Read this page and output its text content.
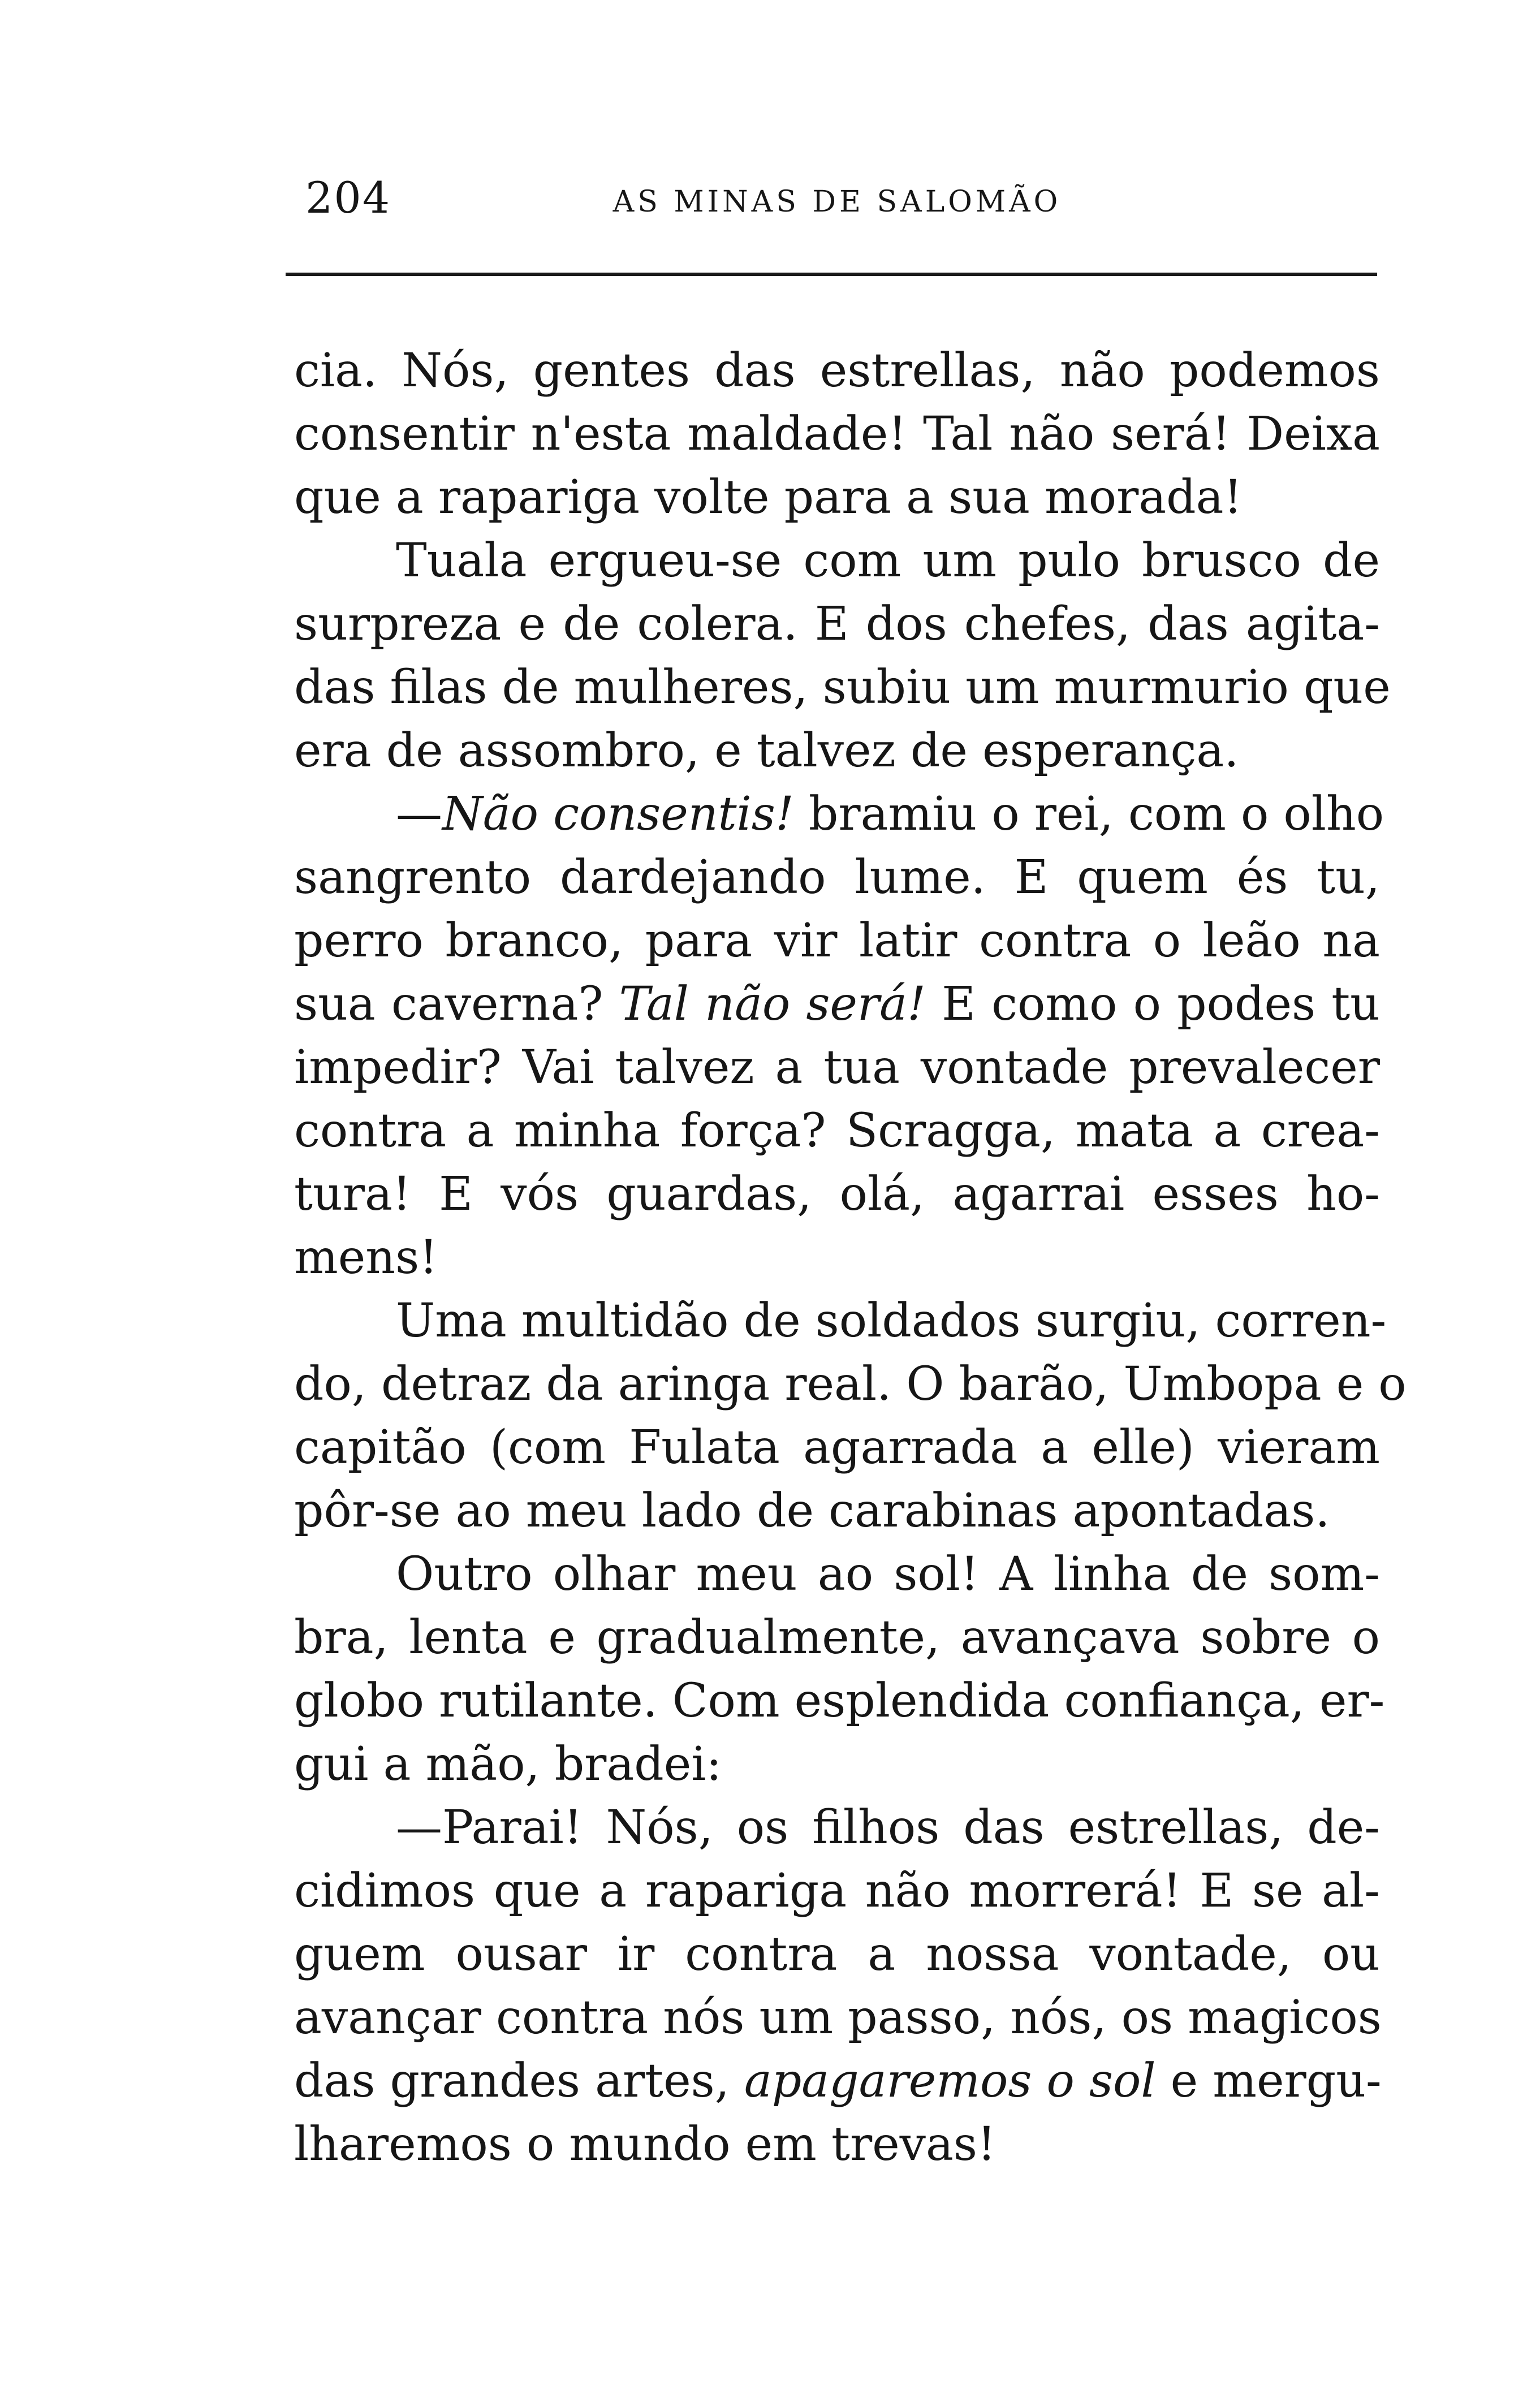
204	AS MINAS DE SALOMÃO
cia. Nós, gentes das estrellas, não podemos
consentir n'esta maldade! Tal não será! Deixa
que a rapariga volte para a sua morada!
Tuala ergueu-se com um pulo brusco de
surpreza e de colera. E dos chefes, das agita-
das filas de mulheres, subiu um murmurio que
era de assombro, e talvez de esperança.
—Não consentis! bramiu o rei, com o olho
sangrento dardejando lume. E quem és tu,
perro branco, para vir latir contra o leão na
sua caverna? Tal não será! E como o podes tu
impedir? Vai talvez a tua vontade prevalecer
contra a minha força? Scragga, mata a crea-
tura! E vós guardas, olá, agarrai esses ho-
mens!
Uma multidão de soldados surgiu, corren-
do, detraz da aringa real. O barão, Umbopa e o
capitão (com Fulata agarrada a elle) vieram
pôr-se ao meu lado de carabinas apontadas.
Outro olhar meu ao sol! A linha de som-
bra, lenta e gradualmente, avançava sobre o
globo rutilante. Com esplendida confiança, er-
gui a mão, bradei:
—Parai! Nós, os filhos das estrellas, de-
cidimos que a rapariga não morrerá! E se al-
guem ousar ir contra a nossa vontade, ou
avançar contra nós um passo, nós, os magicos
das grandes artes, apagaremos o sol e mergu-
lharemos o mundo em trevas!
